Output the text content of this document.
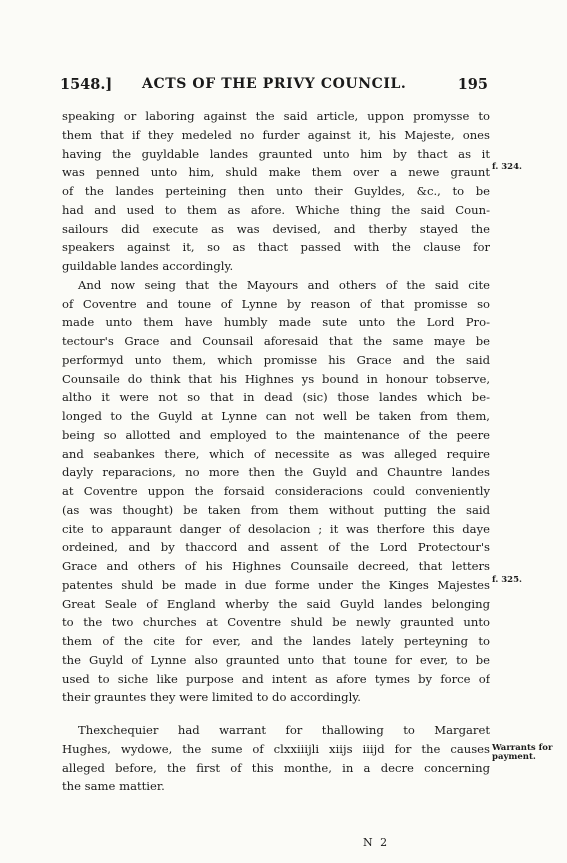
1548.] ACTS OF THE PRIVY COUNCIL.	195
speaking or laboring against the said article, uppon promysse to
them that if they medeled no furder against it, his Majeste, ones
having the guyldable landes graunted unto him by thact as it
was penned unto him, shuld make them over a newe graunt
of the landes perteining then unto their Guyldes, &c., to be
had and used to them as afore. Whiche thing the said Coun-
sailours did execute as was devised, and therby stayed the
speakers against it, so as thact passed with the clause for
guildable landes accordingly.
And now seing that the Mayours and others of the said cite
of Coventre and toune of Lynne by reason of that promisse so
made unto them have humbly made sute unto the Lord Pro-
tectour's Grace and Counsail aforesaid that the same maye be
performyd unto them, which promisse his Grace and the said
Counsaile do think that his Highnes ys bound in honour tobserve,
altho it were not so that in dead (sic) those landes which be-
longed to the Guyld at Lynne can not well be taken from them,
being so allotted and employed to the maintenance of the peere
and seabankes there, which of necessite as was alleged require
dayly reparacions, no more then the Guyld and Chauntre landes
at Coventre uppon the forsaid consideracions could conveniently
(as was thought) be taken from them without putting the said
cite to apparaunt danger of desolacion ; it was therfore this daye
ordeined, and by thaccord and assent of the Lord Protectour's
Grace and others of his Highnes Counsaile decreed, that letters
patentes shuld be made in due forme under the Kinges Majestes
Great Seale of England wherby the said Guyld landes belonging
to the two churches at Coventre shuld be newly graunted unto
them of the cite for ever, and the landes lately perteyning to
the Guyld of Lynne also graunted unto that toune for ever, to be
used to siche like purpose and intent as afore tymes by force of
their grauntes they were limited to do accordingly.
Thexchequier had warrant for thallowing to Margaret
Hughes, wydowe, the sume of clxxiiijli xiijs iiijd for the causes
alleged before, the first of this monthe, in a decre concerning
the same mattier.
f. 324.
f. 325.
Warrants for
payment.
N 2
